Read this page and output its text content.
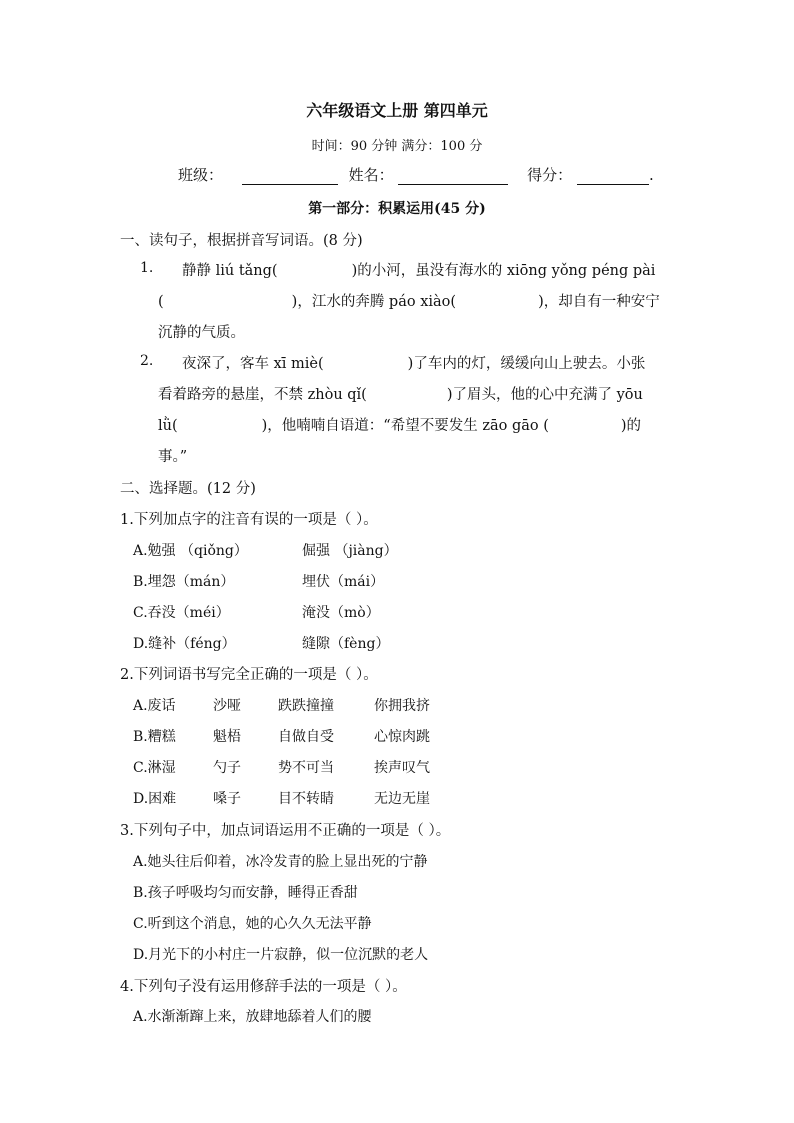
六年级语文上册 第四单元
时间：90 分钟 满分：100 分
班级：	姓名：	得分：	.
第一部分：积累运用(45 分)
一、读句子，根据拼音写词语。(8 分)
1. 静静 liú tǎng(	)的小河，虽没有海水的 xiōng yǒng péng pài
(	)，江水的奔腾 páo xiào(	)，却自有一种安宁
沉静的气质。
2. 夜深了，客车 xī miè(	)了车内的灯，缓缓向山上驶去。小张
看着路旁的悬崖，不禁 zhòu qǐ(	)了眉头，他的心中充满了 yōu
lǜ(	)，他喃喃自语道：“希望不要发生 zāo gāo (	)的
事。”
二、选择题。(12 分)
1.下列加点字的注音有误的一项是（ ）。
A.勉强 （qiǒng）	倔强 （jiàng）
B.埋怨（mán）	埋伏（mái）
C.吞没（méi）	淹没（mò）
D.缝补（féng）	缝隙（fèng）
2.下列词语书写完全正确的一项是（ ）。
A.废话	沙哑	跌跌撞撞	你拥我挤
B.糟糕	魁梧	自做自受	心惊肉跳
C.淋湿	勺子	势不可当	挨声叹气
D.困难	嗓子	目不转睛	无边无崖
3.下列句子中，加点词语运用不正确的一项是（ ）。
A.她头往后仰着，冰冷发青的脸上显出死的宁静
B.孩子呼吸均匀而安静，睡得正香甜
C.听到这个消息，她的心久久无法平静
D.月光下的小村庄一片寂静，似一位沉默的老人
4.下列句子没有运用修辞手法的一项是（ ）。
A.水渐渐蹿上来，放肆地舔着人们的腰
